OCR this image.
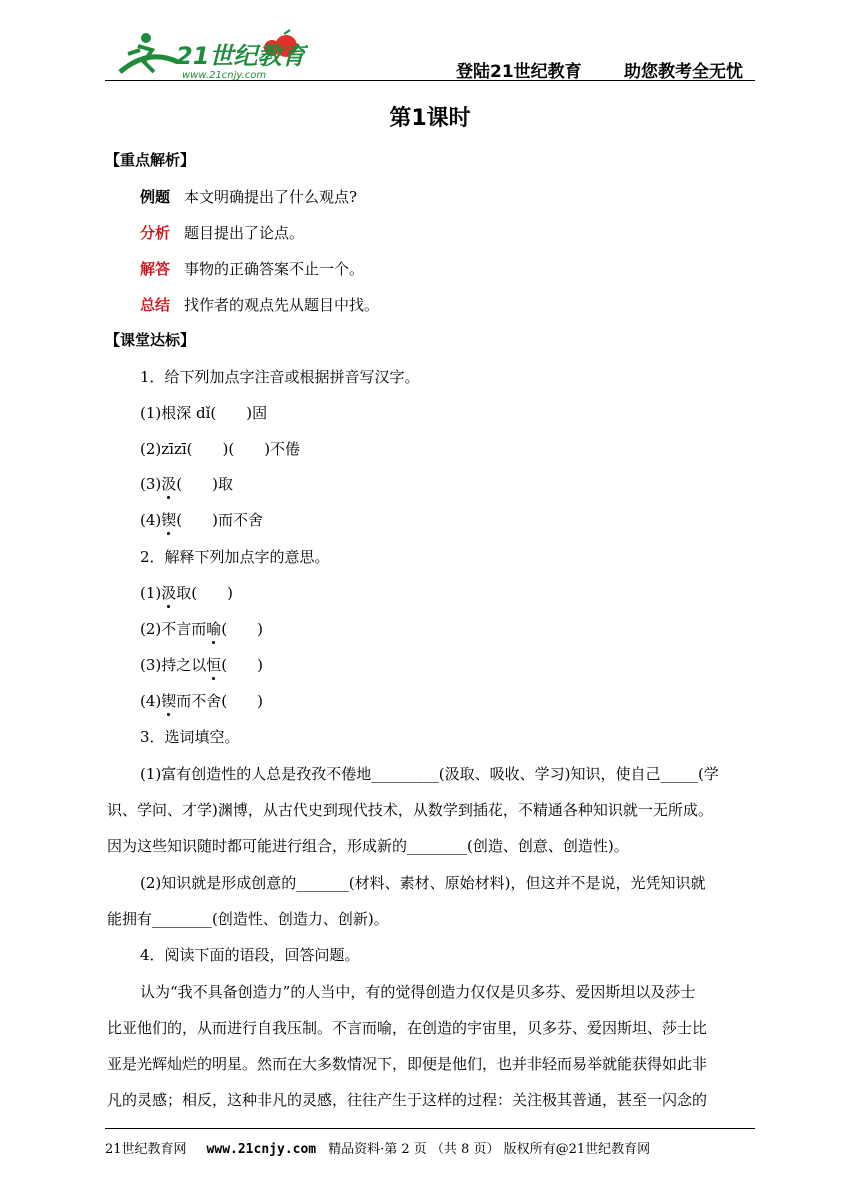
21世纪教育
www.21cnjy.com	登陆21世纪教育 助您教考全无忧
第1课时
【重点解析】
例题 本文明确提出了什么观点?
分析 题目提出了论点。
解答 事物的正确答案不止一个。
总结 找作者的观点先从题目中找。
【课堂达标】
1．给下列加点字注音或根据拼音写汉字。
(1)根深 dǐ(　　)固
(2)zīzī(　　)(　　)不倦
(3)汲(　　)取
(4)锲(　　)而不舍
2．解释下列加点字的意思。
(1)汲取(　　)
(2)不言而喻(　　)
(3)持之以恒(　　)
(4)锲而不舍(　　)
3．选词填空。
(1)富有创造性的人总是孜孜不倦地_________(汲取、吸收、学习)知识，使自己_____(学
识、学问、才学)渊博，从古代史到现代技术，从数学到插花，不精通各种知识就一无所成。
因为这些知识随时都可能进行组合，形成新的________(创造、创意、创造性)。
(2)知识就是形成创意的_______(材料、素材、原始材料)，但这并不是说，光凭知识就
能拥有________(创造性、创造力、创新)。
4．阅读下面的语段，回答问题。
认为“我不具备创造力”的人当中，有的觉得创造力仅仅是贝多芬、爱因斯坦以及莎士
比亚他们的，从而进行自我压制。不言而喻，在创造的宇宙里，贝多芬、爱因斯坦、莎士比
亚是光辉灿烂的明星。然而在大多数情况下，即便是他们，也并非轻而易举就能获得如此非
凡的灵感；相反，这种非凡的灵感，往往产生于这样的过程：关注极其普通，甚至一闪念的
21世纪教育网 www.21cnjy.com 精品资料·第 2 页 （共 8 页） 版权所有@21世纪教育网
